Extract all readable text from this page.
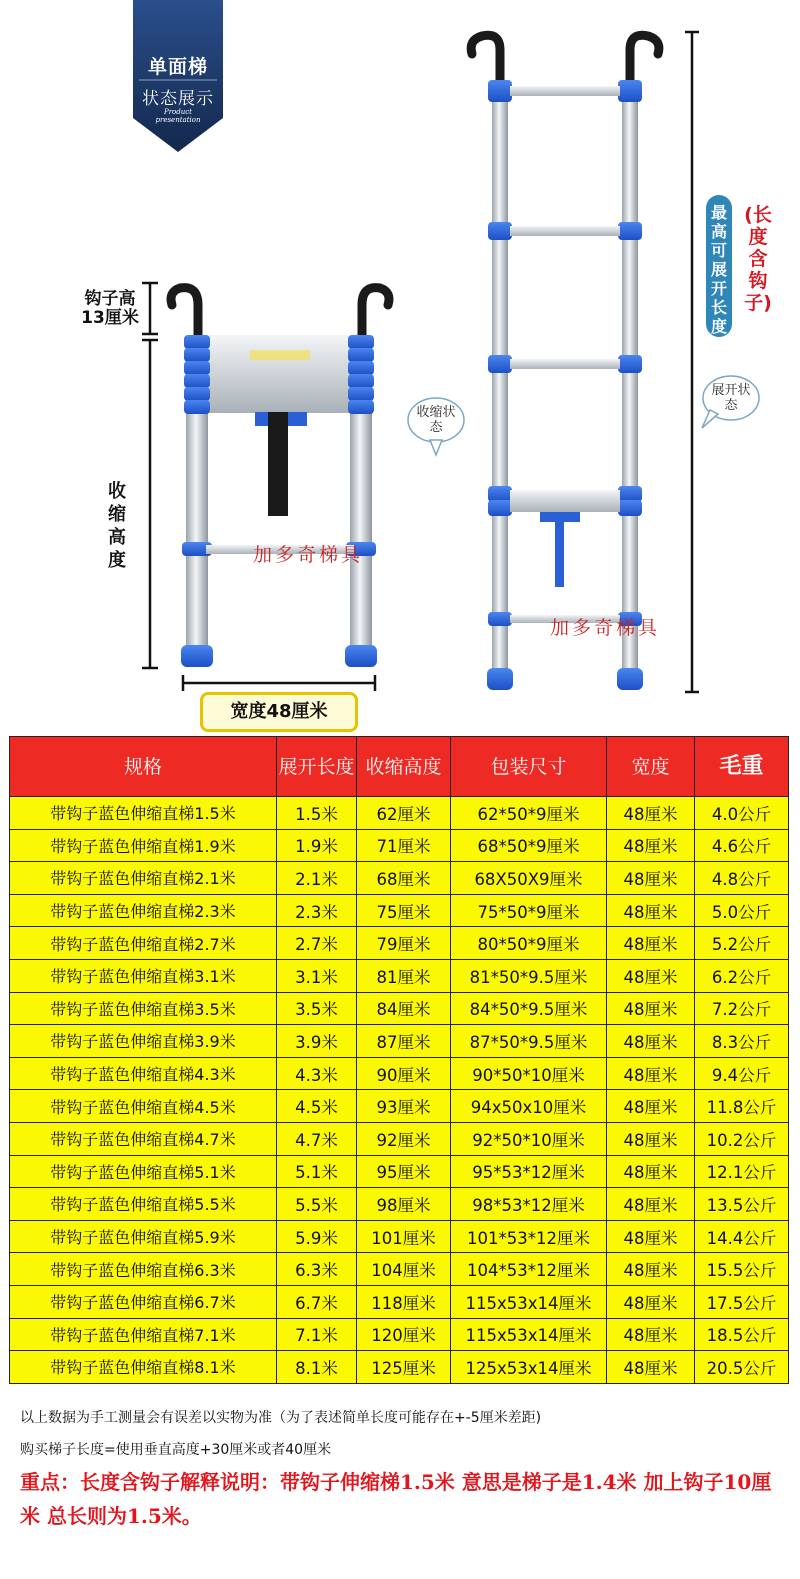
单面梯
状态展示
Product
presentation
钩子高
13厘米
收缩高度
宽度48厘米
收缩状态
展开状态
最高可展开长度
(长度含钩子)
加多奇梯具
加多奇梯具
规格	展开长度	收缩高度	包装尺寸	宽度	毛重
带钩子蓝色伸缩直梯1.5米	1.5米	62厘米	62*50*9厘米	48厘米	4.0公斤
带钩子蓝色伸缩直梯1.9米	1.9米	71厘米	68*50*9厘米	48厘米	4.6公斤
带钩子蓝色伸缩直梯2.1米	2.1米	68厘米	68X50X9厘米	48厘米	4.8公斤
带钩子蓝色伸缩直梯2.3米	2.3米	75厘米	75*50*9厘米	48厘米	5.0公斤
带钩子蓝色伸缩直梯2.7米	2.7米	79厘米	80*50*9厘米	48厘米	5.2公斤
带钩子蓝色伸缩直梯3.1米	3.1米	81厘米	81*50*9.5厘米	48厘米	6.2公斤
带钩子蓝色伸缩直梯3.5米	3.5米	84厘米	84*50*9.5厘米	48厘米	7.2公斤
带钩子蓝色伸缩直梯3.9米	3.9米	87厘米	87*50*9.5厘米	48厘米	8.3公斤
带钩子蓝色伸缩直梯4.3米	4.3米	90厘米	90*50*10厘米	48厘米	9.4公斤
带钩子蓝色伸缩直梯4.5米	4.5米	93厘米	94x50x10厘米	48厘米	11.8公斤
带钩子蓝色伸缩直梯4.7米	4.7米	92厘米	92*50*10厘米	48厘米	10.2公斤
带钩子蓝色伸缩直梯5.1米	5.1米	95厘米	95*53*12厘米	48厘米	12.1公斤
带钩子蓝色伸缩直梯5.5米	5.5米	98厘米	98*53*12厘米	48厘米	13.5公斤
带钩子蓝色伸缩直梯5.9米	5.9米	101厘米	101*53*12厘米	48厘米	14.4公斤
带钩子蓝色伸缩直梯6.3米	6.3米	104厘米	104*53*12厘米	48厘米	15.5公斤
带钩子蓝色伸缩直梯6.7米	6.7米	118厘米	115x53x14厘米	48厘米	17.5公斤
带钩子蓝色伸缩直梯7.1米	7.1米	120厘米	115x53x14厘米	48厘米	18.5公斤
带钩子蓝色伸缩直梯8.1米	8.1米	125厘米	125x53x14厘米	48厘米	20.5公斤
以上数据为手工测量会有误差以实物为准（为了表述简单长度可能存在+-5厘米差距)
购买梯子长度=使用垂直高度+30厘米或者40厘米
重点：长度含钩子解释说明：带钩子伸缩梯1.5米 意思是梯子是1.4米 加上钩子10厘米 总长则为1.5米。
